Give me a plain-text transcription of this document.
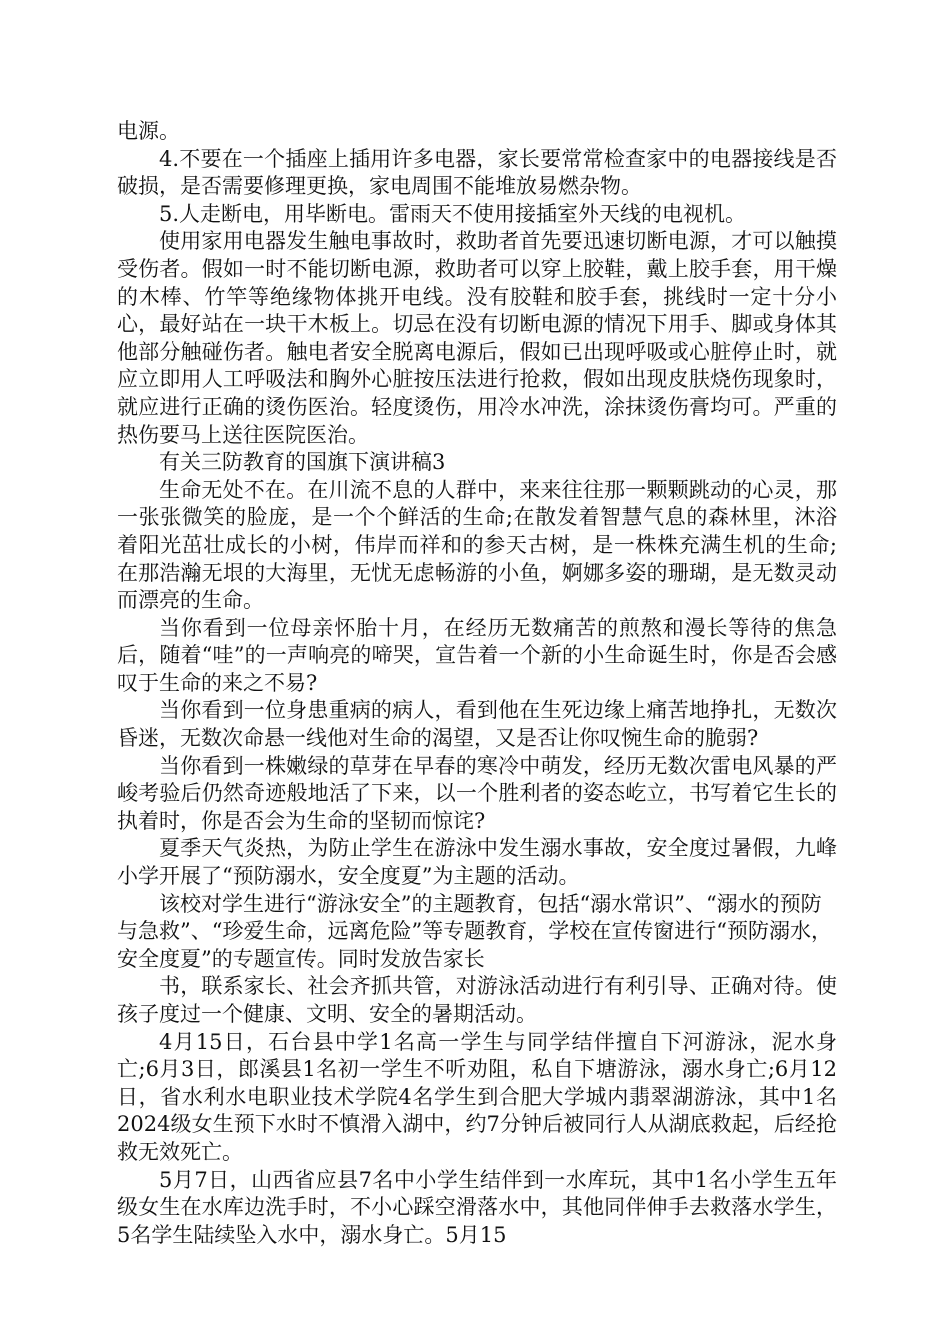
电源。

4.不要在一个插座上插用许多电器，家长要常常检查家中的电器接线是否破损，是否需要修理更换，家电周围不能堆放易燃杂物。

5.人走断电，用毕断电。雷雨天不使用接插室外天线的电视机。

使用家用电器发生触电事故时，救助者首先要迅速切断电源，才可以触摸受伤者。假如一时不能切断电源，救助者可以穿上胶鞋，戴上胶手套，用干燥的木棒、竹竿等绝缘物体挑开电线。没有胶鞋和胶手套，挑线时一定十分小心，最好站在一块干木板上。切忌在没有切断电源的情况下用手、脚或身体其他部分触碰伤者。触电者安全脱离电源后，假如已出现呼吸或心脏停止时，就应立即用人工呼吸法和胸外心脏按压法进行抢救，假如出现皮肤烧伤现象时，就应进行正确的烫伤医治。轻度烫伤，用冷水冲洗，涂抹烫伤膏均可。严重的热伤要马上送往医院医治。

有关三防教育的国旗下演讲稿3

生命无处不在。在川流不息的人群中，来来往往那一颗颗跳动的心灵，那一张张微笑的脸庞，是一个个鲜活的生命;在散发着智慧气息的森林里，沐浴着阳光茁壮成长的小树，伟岸而祥和的参天古树，是一株株充满生机的生命;在那浩瀚无垠的大海里，无忧无虑畅游的小鱼，婀娜多姿的珊瑚，是无数灵动而漂亮的生命。

当你看到一位母亲怀胎十月，在经历无数痛苦的煎熬和漫长等待的焦急后，随着“哇”的一声响亮的啼哭，宣告着一个新的小生命诞生时，你是否会感叹于生命的来之不易?

当你看到一位身患重病的病人，看到他在生死边缘上痛苦地挣扎，无数次昏迷，无数次命悬一线他对生命的渴望，又是否让你叹惋生命的脆弱?

当你看到一株嫩绿的草芽在早春的寒冷中萌发，经历无数次雷电风暴的严峻考验后仍然奇迹般地活了下来，以一个胜利者的姿态屹立，书写着它生长的执着时，你是否会为生命的坚韧而惊诧?

夏季天气炎热，为防止学生在游泳中发生溺水事故，安全度过暑假，九峰小学开展了“预防溺水，安全度夏”为主题的活动。

该校对学生进行“游泳安全”的主题教育，包括“溺水常识”、“溺水的预防与急救”、“珍爱生命，远离危险”等专题教育，学校在宣传窗进行“预防溺水，安全度夏”的专题宣传。同时发放告家长

书，联系家长、社会齐抓共管，对游泳活动进行有利引导、正确对待。使孩子度过一个健康、文明、安全的暑期活动。

4月15日，石台县中学1名高一学生与同学结伴擅自下河游泳，泥水身亡;6月3日，郎溪县1名初一学生不听劝阻，私自下塘游泳，溺水身亡;6月12日，省水利水电职业技术学院4名学生到合肥大学城内翡翠湖游泳，其中1名2024级女生预下水时不慎滑入湖中，约7分钟后被同行人从湖底救起，后经抢救无效死亡。

5月7日，山西省应县7名中小学生结伴到一水库玩，其中1名小学生五年级女生在水库边洗手时，不小心踩空滑落水中，其他同伴伸手去救落水学生，5名学生陆续坠入水中，溺水身亡。5月15
